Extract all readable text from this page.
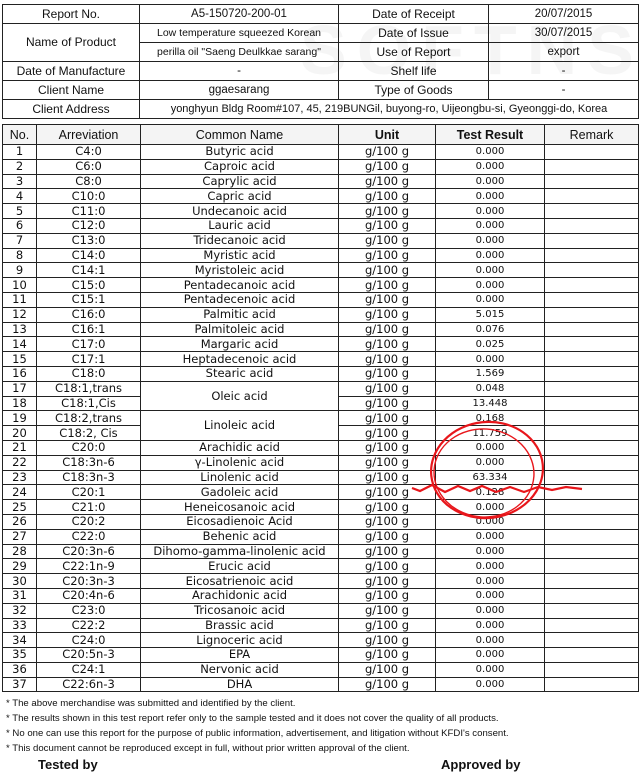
Report No.	A5-150720-200-01	Date of Receipt	20/07/2015
Name of Product	Low temperature squeezed Korean	Date of Issue	30/07/2015
	perilla oil "Saeng Deulkkae sarang"	Use of Report	export
Date of Manufacture	-	Shelf life	-
Client Name	ggaesarang	Type of Goods	-
Client Address	yonghyun Bldg Room#107, 45, 219BUNGil, buyong-ro, Uijeongbu-si, Gyeonggi-do, Korea		
No.	Arreviation	Common Name	Unit	Test Result	Remark
1	C4:0	Butyric acid	g/100 g	0.000	
2	C6:0	Caproic acid	g/100 g	0.000	
3	C8:0	Caprylic acid	g/100 g	0.000	
4	C10:0	Capric acid	g/100 g	0.000	
5	C11:0	Undecanoic acid	g/100 g	0.000	
6	C12:0	Lauric acid	g/100 g	0.000	
7	C13:0	Tridecanoic acid	g/100 g	0.000	
8	C14:0	Myristic acid	g/100 g	0.000	
9	C14:1	Myristoleic acid	g/100 g	0.000	
10	C15:0	Pentadecanoic acid	g/100 g	0.000	
11	C15:1	Pentadecenoic acid	g/100 g	0.000	
12	C16:0	Palmitic acid	g/100 g	5.015	
13	C16:1	Palmitoleic acid	g/100 g	0.076	
14	C17:0	Margaric acid	g/100 g	0.025	
15	C17:1	Heptadecenoic acid	g/100 g	0.000	
16	C18:0	Stearic acid	g/100 g	1.569	
17	C18:1,trans	Oleic acid	g/100 g	0.048	
18	C18:1,Cis		g/100 g	13.448	
19	C18:2,trans	Linoleic acid	g/100 g	0.168	
20	C18:2, Cis		g/100 g	11.759	
21	C20:0	Arachidic acid	g/100 g	0.000	
22	C18:3n-6	γ-Linolenic acid	g/100 g	0.000	
23	C18:3n-3	Linolenic acid	g/100 g	63.334	
24	C20:1	Gadoleic acid	g/100 g	0.128	
25	C21:0	Heneicosanoic acid	g/100 g	0.000	
26	C20:2	Eicosadienoic Acid	g/100 g	0.000	
27	C22:0	Behenic acid	g/100 g	0.000	
28	C20:3n-6	Dihomo-gamma-linolenic acid	g/100 g	0.000	
29	C22:1n-9	Erucic acid	g/100 g	0.000	
30	C20:3n-3	Eicosatrienoic acid	g/100 g	0.000	
31	C20:4n-6	Arachidonic acid	g/100 g	0.000	
32	C23:0	Tricosanoic acid	g/100 g	0.000	
33	C22:2	Brassic acid	g/100 g	0.000	
34	C24:0	Lignoceric acid	g/100 g	0.000	
35	C20:5n-3	EPA	g/100 g	0.000	
36	C24:1	Nervonic acid	g/100 g	0.000	
37	C22:6n-3	DHA	g/100 g	0.000	
* The above merchandise was submitted and identified by the client.
* The results shown in this test report refer only to the sample tested and it does not cover the quality of all products.
* No one can use this report for the purpose of public information, advertisement, and litigation without KFDI's consent.
* This document cannot be reproduced except in full, without prior written approval of the client.
Tested by	Approved by
